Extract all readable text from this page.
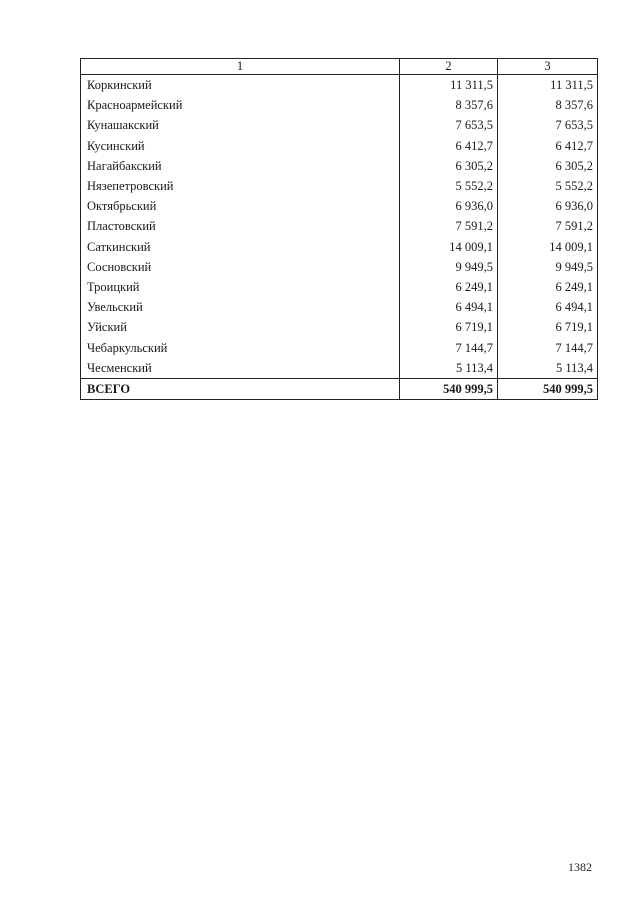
1	2	3
Коркинский	11 311,5	11 311,5
Красноармейский	8 357,6	8 357,6
Кунашакский	7 653,5	7 653,5
Кусинский	6 412,7	6 412,7
Нагайбакский	6 305,2	6 305,2
Нязепетровский	5 552,2	5 552,2
Октябрьский	6 936,0	6 936,0
Пластовский	7 591,2	7 591,2
Саткинский	14 009,1	14 009,1
Сосновский	9 949,5	9 949,5
Троицкий	6 249,1	6 249,1
Увельский	6 494,1	6 494,1
Уйский	6 719,1	6 719,1
Чебаркульский	7 144,7	7 144,7
Чесменский	5 113,4	5 113,4
ВСЕГО	540 999,5	540 999,5
1382
